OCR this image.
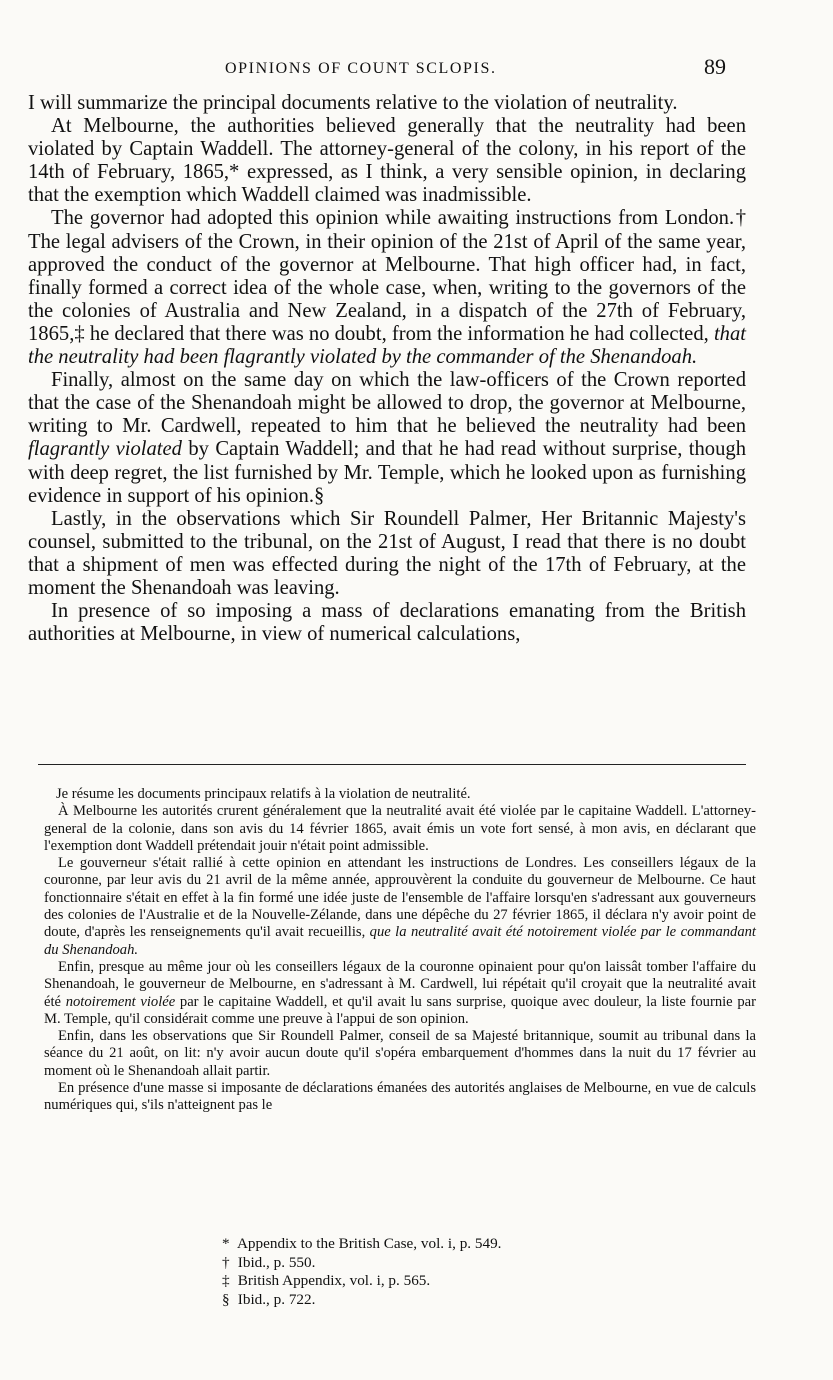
OPINIONS OF COUNT SCLOPIS.	89

I will summarize the principal documents relative to the violation of neutrality.

At Melbourne, the authorities believed generally that the neutrality had been violated by Captain Waddell. The attorney-general of the colony, in his report of the 14th of February, 1865,* expressed, as I think, a very sensible opinion, in declaring that the exemption which Waddell claimed was inadmissible.

The governor had adopted this opinion while awaiting instructions from London.† The legal advisers of the Crown, in their opinion of the 21st of April of the same year, approved the conduct of the governor at Melbourne. That high officer had, in fact, finally formed a correct idea of the whole case, when, writing to the governors of the the colonies of Australia and New Zealand, in a dispatch of the 27th of February, 1865,‡ he declared that there was no doubt, from the information he had collected, that the neutrality had been flagrantly violated by the commander of the Shenandoah.

Finally, almost on the same day on which the law-officers of the Crown reported that the case of the Shenandoah might be allowed to drop, the governor at Melbourne, writing to Mr. Cardwell, repeated to him that he believed the neutrality had been flagrantly violated by Captain Waddell; and that he had read without surprise, though with deep regret, the list furnished by Mr. Temple, which he looked upon as furnishing evidence in support of his opinion.§

Lastly, in the observations which Sir Roundell Palmer, Her Britannic Majesty's counsel, submitted to the tribunal, on the 21st of August, I read that there is no doubt that a shipment of men was effected during the night of the 17th of February, at the moment the Shenandoah was leaving.

In presence of so imposing a mass of declarations emanating from the British authorities at Melbourne, in view of numerical calculations,

Je résume les documents principaux relatifs à la violation de neutralité.

À Melbourne les autorités crurent généralement que la neutralité avait été violée par le capitaine Waddell. L'attorney-general de la colonie, dans son avis du 14 février 1865, avait émis un vote fort sensé, à mon avis, en déclarant que l'exemption dont Waddell prétendait jouir n'était point admissible.

Le gouverneur s'était rallié à cette opinion en attendant les instructions de Londres. Les conseillers légaux de la couronne, par leur avis du 21 avril de la même année, approuvèrent la conduite du gouverneur de Melbourne. Ce haut fonctionnaire s'était en effet à la fin formé une idée juste de l'ensemble de l'affaire lorsqu'en s'adressant aux gouverneurs des colonies de l'Australie et de la Nouvelle-Zélande, dans une dépêche du 27 février 1865, il déclara n'y avoir point de doute, d'après les renseignements qu'il avait recueillis, que la neutralité avait été notoirement violée par le commandant du Shenandoah.

Enfin, presque au même jour où les conseillers légaux de la couronne opinaient pour qu'on laissât tomber l'affaire du Shenandoah, le gouverneur de Melbourne, en s'adressant à M. Cardwell, lui répétait qu'il croyait que la neutralité avait été notoirement violée par le capitaine Waddell, et qu'il avait lu sans surprise, quoique avec douleur, la liste fournie par M. Temple, qu'il considérait comme une preuve à l'appui de son opinion.

Enfin, dans les observations que Sir Roundell Palmer, conseil de sa Majesté britannique, soumit au tribunal dans la séance du 21 août, on lit: n'y avoir aucun doute qu'il s'opéra embarquement d'hommes dans la nuit du 17 février au moment où le Shenandoah allait partir.

En présence d'une masse si imposante de déclarations émanées des autorités anglaises de Melbourne, en vue de calculs numériques qui, s'ils n'atteignent pas le

* Appendix to the British Case, vol. i, p. 549.
† Ibid., p. 550.
‡ British Appendix, vol. i, p. 565.
§ Ibid., p. 722.
